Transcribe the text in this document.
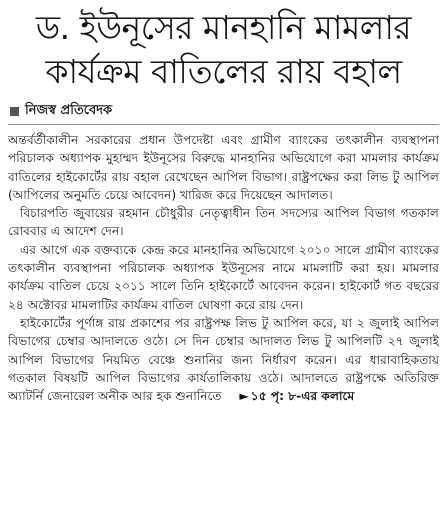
ড. ইউনূসের মানহানি মামলার
কার্যক্রম বাতিলের রায় বহাল
নিজস্ব প্রতিবেদক

অন্তর্বর্তীকালীন সরকারের প্রধান উপদেষ্টা এবং গ্রামীণ ব্যাংকের তৎকালীন ব্যবস্থাপনা পরিচালক অধ্যাপক মুহাম্মদ ইউনূসের বিরুদ্ধে মানহানির অভিযোগে করা মামলার কার্যক্রম বাতিলের হাইকোর্টের রায় বহাল রেখেছেন আপিল বিভাগ। রাষ্ট্রপক্ষের করা লিভ টু আপিল (আপিলের অনুমতি চেয়ে আবেদন) খারিজ করে দিয়েছেন আদালত।

বিচারপতি জুবায়ের রহমান চৌধুরীর নেতৃত্বাধীন তিন সদস্যের আপিল বিভাগ গতকাল রোববার এ আদেশ দেন।

এর আগে এক বক্তব্যকে কেন্দ্র করে মানহানির অভিযোগে ২০১০ সালে গ্রামীণ ব্যাংকের তৎকালীন ব্যবস্থাপনা পরিচালক অধ্যাপক ইউনূসের নামে মামলাটি করা হয়। মামলার কার্যক্রম বাতিল চেয়ে ২০১১ সালে তিনি হাইকোর্টে আবেদন করেন। হাইকোর্ট গত বছরের ২৪ অক্টোবর মামলাটির কার্যক্রম বাতিল ঘোষণা করে রায় দেন।

হাইকোর্টের পূর্ণাঙ্গ রায় প্রকাশের পর রাষ্ট্রপক্ষ লিভ টু আপিল করে, যা ২ জুলাই আপিল বিভাগের চেম্বার আদালতে ওঠে। সে দিন চেম্বার আদালত লিভ টু আপিলটি ২৭ জুলাই আপিল বিভাগের নিয়মিত বেঞ্চে শুনানির জন্য নির্ধারণ করেন। এর ধারাবাহিকতায় গতকাল বিষয়টি আপিল বিভাগের কার্যতালিকায় ওঠে। আদালতে রাষ্ট্রপক্ষে অতিরিক্ত অ্যাটর্নি জেনারেল অনীক আর হক শুনানিতে ► ১৫ পৃ: ৮-এর কলামে
